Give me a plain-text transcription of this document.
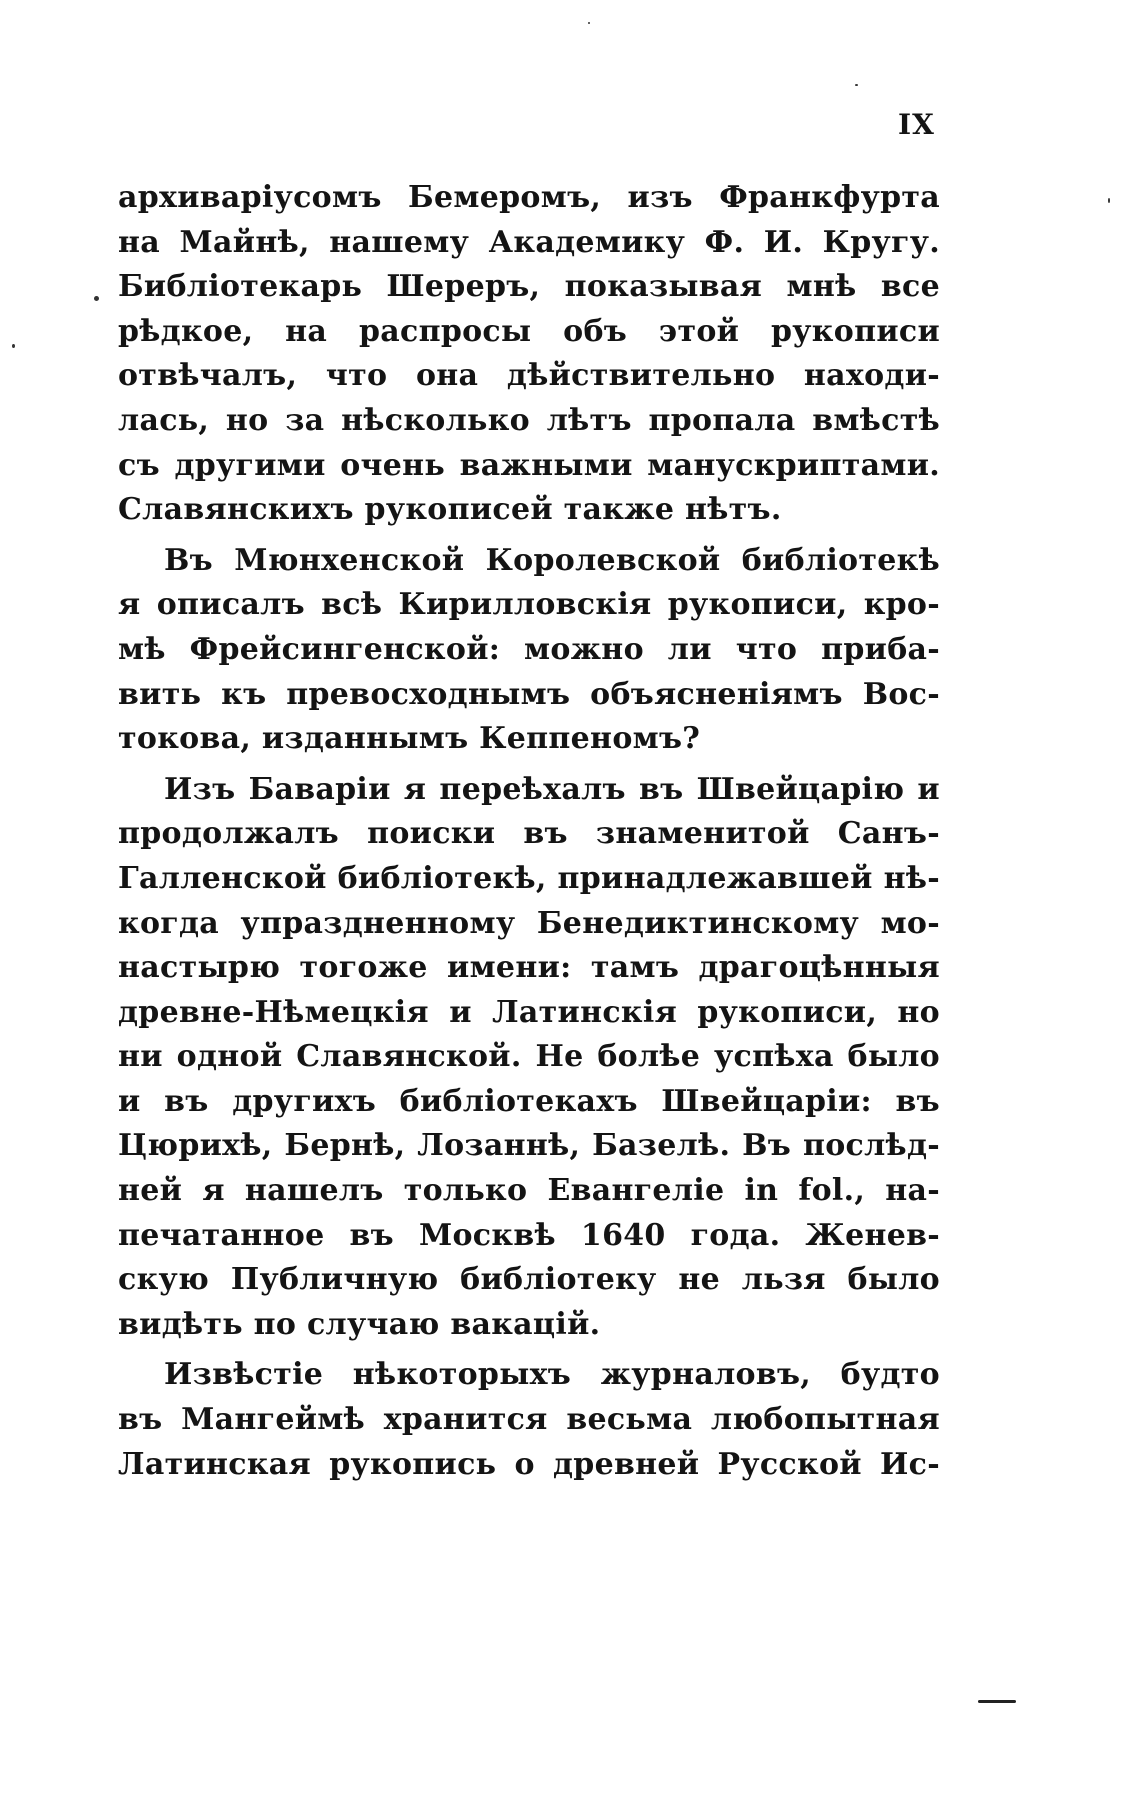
IX
архиварiусомъ Бемеромъ, изъ Франкфурта
на Майнѣ, нашему Академику Ф. И. Кругу.
Библiотекарь Шереръ, показывая мнѣ все
рѣдкое, на распросы объ этой рукописи
отвѣчалъ, что она дѣйствительно находи-
лась, но за нѣсколько лѣтъ пропала вмѣстѣ
съ другими очень важными манускриптами.
Славянскихъ рукописей также нѣтъ.
Въ Мюнхенской Королевской библiотекѣ
я описалъ всѣ Кирилловскiя рукописи, кро-
мѣ Фрейсингенской: можно ли что приба-
вить къ превосходнымъ объясненiямъ Вос-
токова, изданнымъ Кеппеномъ?
Изъ Баварiи я переѣхалъ въ Швейцарiю и
продолжалъ поиски въ знаменитой Санъ-
Галленской библiотекѣ, принадлежавшей нѣ-
когда упраздненному Бенедиктинскому мо-
настырю тогоже имени: тамъ драгоцѣнныя
древне-Нѣмецкiя и Латинскiя рукописи, но
ни одной Славянской. Не болѣе успѣха было
и въ другихъ библiотекахъ Швейцарiи: въ
Цюрихѣ, Бернѣ, Лозаннѣ, Базелѣ. Въ послѣд-
ней я нашелъ только Евангелiе in fol., на-
печатанное въ Москвѣ 1640 года. Женев-
скую Публичную библiотеку не льзя было
видѣть по случаю вакацiй.
Извѣстiе нѣкоторыхъ журналовъ, будто
въ Мангеймѣ хранится весьма любопытная
Латинская рукопись о древней Русской Ис-
